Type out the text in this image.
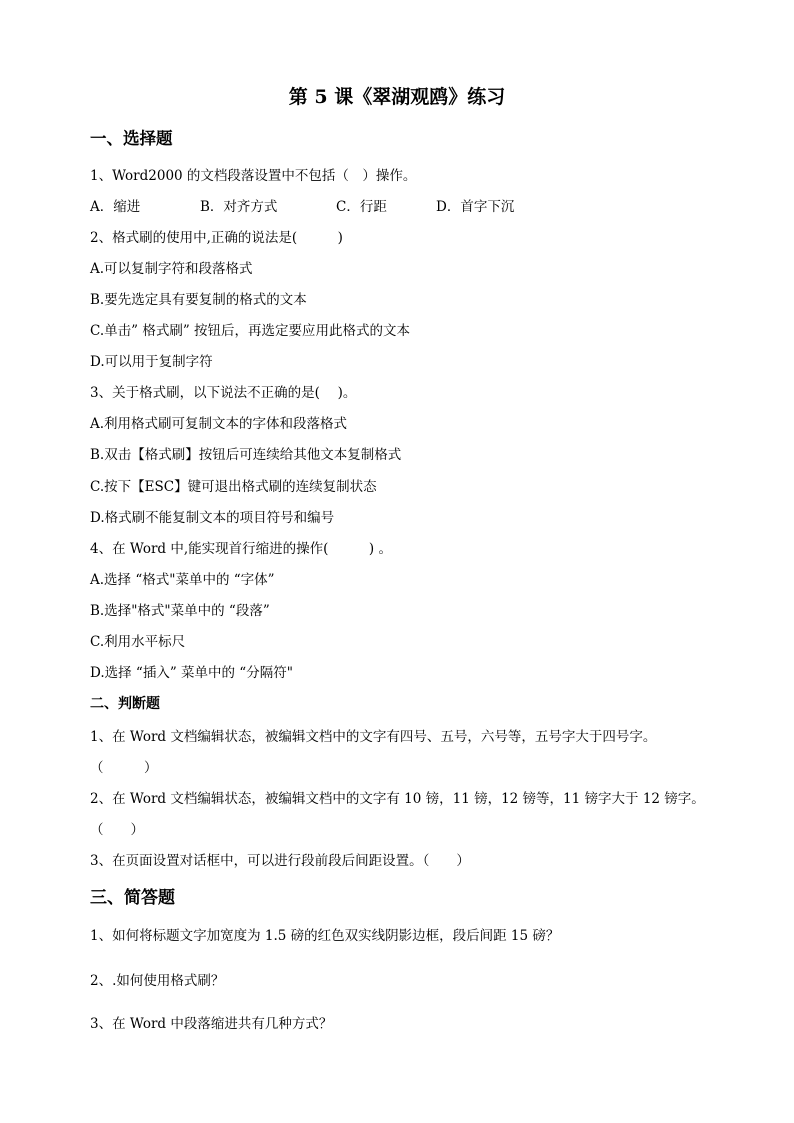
第 5 课《翠湖观鸥》练习
一、选择题
1、Word2000 的文档段落设置中不包括（　）操作。
A．缩进	B．对齐方式	C．行距	D．首字下沉
2、格式刷的使用中,正确的说法是(　　　)
A.可以复制字符和段落格式
B.要先选定具有要复制的格式的文本
C.单击” 格式刷” 按钮后，再选定要应用此格式的文本
D.可以用于复制字符
3、关于格式刷，以下说法不正确的是(　 )。
A.利用格式刷可复制文本的字体和段落格式
B.双击【格式刷】按钮后可连续给其他文本复制格式
C.按下【ESC】键可退出格式刷的连续复制状态
D.格式刷不能复制文本的项目符号和编号
4、在 Word 中,能实现首行缩进的操作(　　　) 。
A.选择 “格式"菜单中的 “字体”
B.选择"格式"菜单中的 “段落”
C.利用水平标尺
D.选择 “插入” 菜单中的 “分隔符"
二、判断题
1、在 Word 文档编辑状态，被编辑文档中的文字有四号、五号，六号等，五号字大于四号字。
（　　　）
2、在 Word 文档编辑状态，被编辑文档中的文字有 10 镑，11 镑，12 镑等，11 镑字大于 12 镑字。
（　　）
3、在页面设置对话框中，可以进行段前段后间距设置。（　　）
三、简答题
1、如何将标题文字加宽度为 1.5 磅的红色双实线阴影边框，段后间距 15 磅？
2、.如何使用格式刷？
3、在 Word 中段落缩进共有几种方式？
